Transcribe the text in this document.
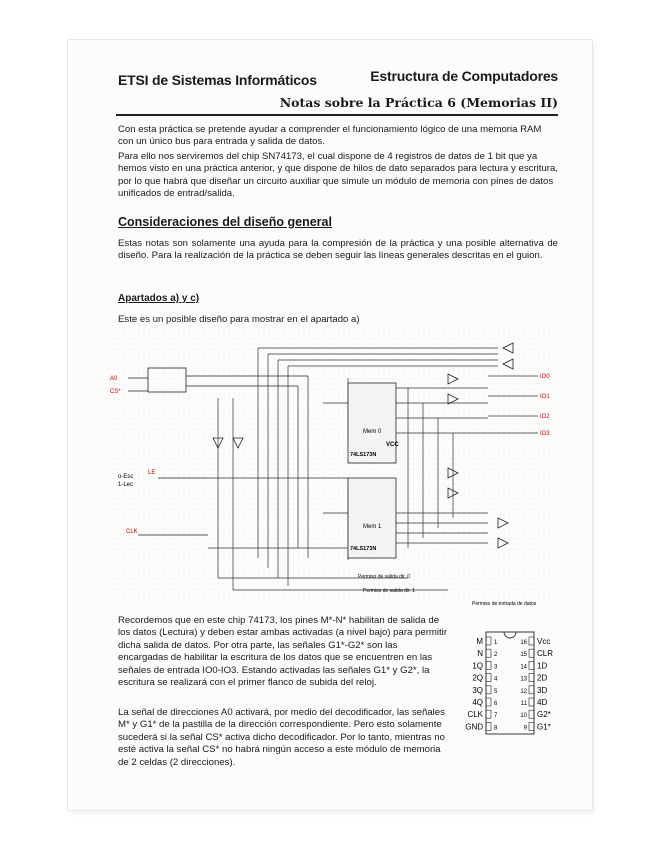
ETSI de Sistemas Informáticos	Estructura de Computadores
Notas sobre la Práctica 6 (Memorias II)
Con esta práctica se pretende ayudar a comprender el funcionamiento lógico de una memoria RAM con un único bus para entrada y salida de datos.
Para ello nos serviremos del chip SN74173, el cual dispone de 4 registros de datos de 1 bit que ya hemos visto en una práctica anterior, y que dispone de hilos de dato separados para lectura y escritura, por lo que habrá que diseñar un circuito auxiliar que simule un módulo de memoria con pines de datos unificados de entrad/salida.
Consideraciones del diseño general
Estas notas son solamente una ayuda para la compresión de la práctica y una posible alternativa de diseño. Para la realización de la práctica se deben seguir las líneas generales descritas en el guion.
Apartados a) y c)
Este es un posible diseño para mostrar en el apartado a)
A0
CS*
Mem 0
VCC
74LS173N
Mem 1
74LS173N
IO0
IO1
IO2
IO3
o-Esc
1-Lec
LE
CLK
Permiso de salida dir. 0
Permiso de salida dir. 1
Permiso de entrada de datos
Recordemos que en este chip 74173, los pines M*-N* habilitan de salida de los datos (Lectura) y deben estar ambas activadas (a nivel bajo) para permitir dicha salida de datos. Por otra parte, las señales G1*-G2* son las encargadas de habilitar la escritura de los datos que se encuentren en las señales de entrada IO0-IO3. Estando activadas las señales G1* y G2*, la escritura se realizará con el primer flanco de subida del reloj.
La señal de direcciones A0 activará, por medio del decodificador, las señales M* y G1* de la pastilla de la dirección correspondiente. Pero esto solamente sucederá si la señal CS* activa dicho decodificador. Por lo tanto, mientras no esté activa la señal CS* no habrá ningún acceso a este módulo de memoria de 2 celdas (2 direcciones).
M 1
N 2
1Q 3
2Q 4
3Q 5
4Q 6
CLK 7
GND 8
16 Vcc
15 CLR
14 1D
13 2D
12 3D
11 4D
10 G2*
9 G1*
